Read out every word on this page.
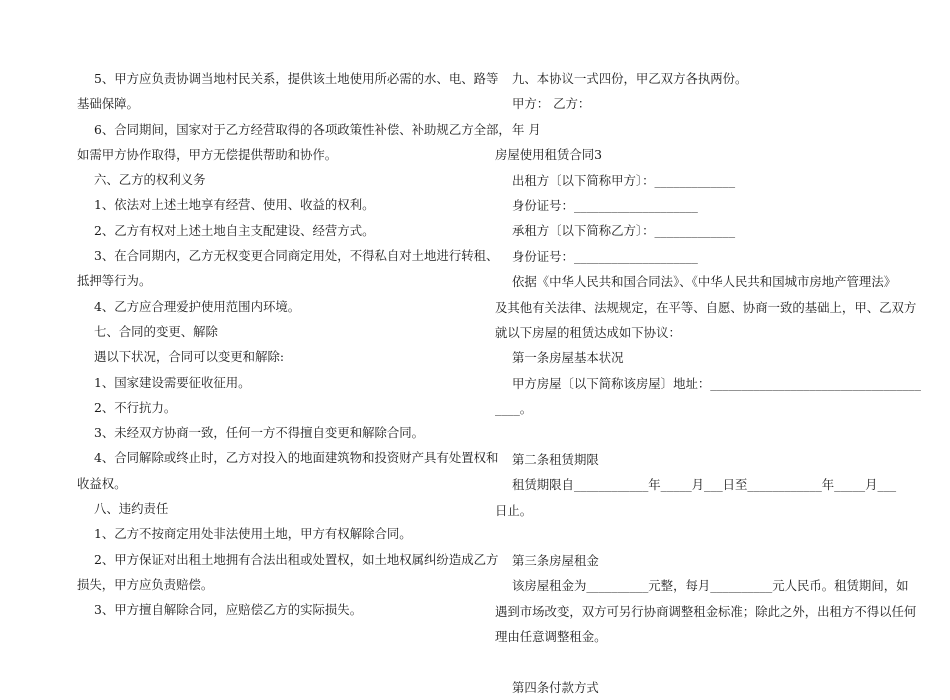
5、甲方应负责协调当地村民关系，提供该土地使用所必需的水、电、路等
基础保障。
6、合同期间，国家对于乙方经营取得的各项政策性补偿、补助规乙方全部，
如需甲方协作取得，甲方无偿提供帮助和协作。
六、乙方的权利义务
1、依法对上述土地享有经营、使用、收益的权利。
2、乙方有权对上述土地自主支配建设、经营方式。
3、在合同期内，乙方无权变更合同商定用处，不得私自对土地进行转租、
抵押等行为。
4、乙方应合理爱护使用范围内环境。
七、合同的变更、解除
遇以下状况，合同可以变更和解除:
1、国家建设需要征收征用。
2、不行抗力。
3、未经双方协商一致，任何一方不得擅自变更和解除合同。
4、合同解除或终止时，乙方对投入的地面建筑物和投资财产具有处置权和
收益权。
八、违约责任
1、乙方不按商定用处非法使用土地，甲方有权解除合同。
2、甲方保证对出租土地拥有合法出租或处置权，如土地权属纠纷造成乙方
损失，甲方应负责赔偿。
3、甲方擅自解除合同，应赔偿乙方的实际损失。
九、本协议一式四份，甲乙双方各执两份。
甲方： 乙方：
年 月
房屋使用租赁合同3
出租方〔以下简称甲方〕：_____________
身份证号：____________________
承租方〔以下简称乙方〕：_____________
身份证号：____________________
依据《中华人民共和国合同法》、《中华人民共和国城市房地产管理法》
及其他有关法律、法规规定，在平等、自愿、协商一致的基础上，甲、乙双方
就以下房屋的租赁达成如下协议：
第一条房屋基本状况
甲方房屋〔以下简称该房屋〕地址：__________________________________
____。
第二条租赁期限
租赁期限自____________年_____月___日至____________年_____月___
日止。
第三条房屋租金
该房屋租金为__________元整，每月__________元人民币。租赁期间，如
遇到市场改变，双方可另行协商调整租金标准；除此之外，出租方不得以任何
理由任意调整租金。
第四条付款方式
